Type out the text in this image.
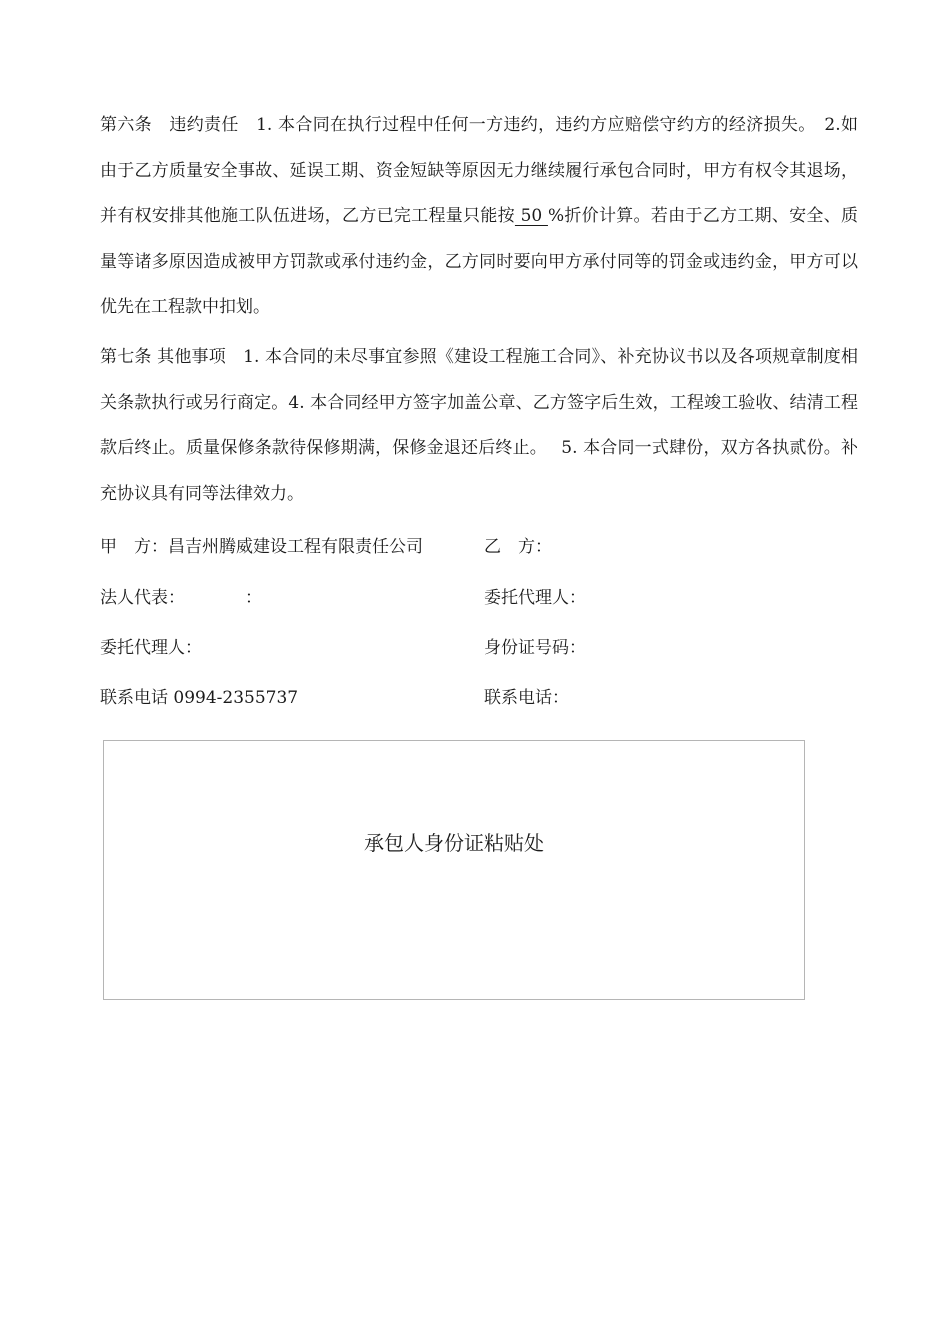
第六条　违约责任　1. 本合同在执行过程中任何一方违约，违约方应赔偿守约方的经济损失。　2.如由于乙方质量安全事故、延误工期、资金短缺等原因无力继续履行承包合同时，甲方有权令其退场，并有权安排其他施工队伍进场，乙方已完工程量只能按 50 %折价计算。若由于乙方工期、安全、质量等诸多原因造成被甲方罚款或承付违约金，乙方同时要向甲方承付同等的罚金或违约金，甲方可以优先在工程款中扣划。

第七条 其他事项　1. 本合同的未尽事宜参照《建设工程施工合同》、补充协议书以及各项规章制度相关条款执行或另行商定。4. 本合同经甲方签字加盖公章、乙方签字后生效，工程竣工验收、结清工程款后终止。质量保修条款待保修期满，保修金退还后终止。　 5. 本合同一式肆份，双方各执贰份。补充协议具有同等法律效力。

甲　方：昌吉州腾威建设工程有限责任公司	乙　方：
法人代表：	：	委托代理人：
委托代理人：	身份证号码：
联系电话 0994-2355737	联系电话：
承包人身份证粘贴处
